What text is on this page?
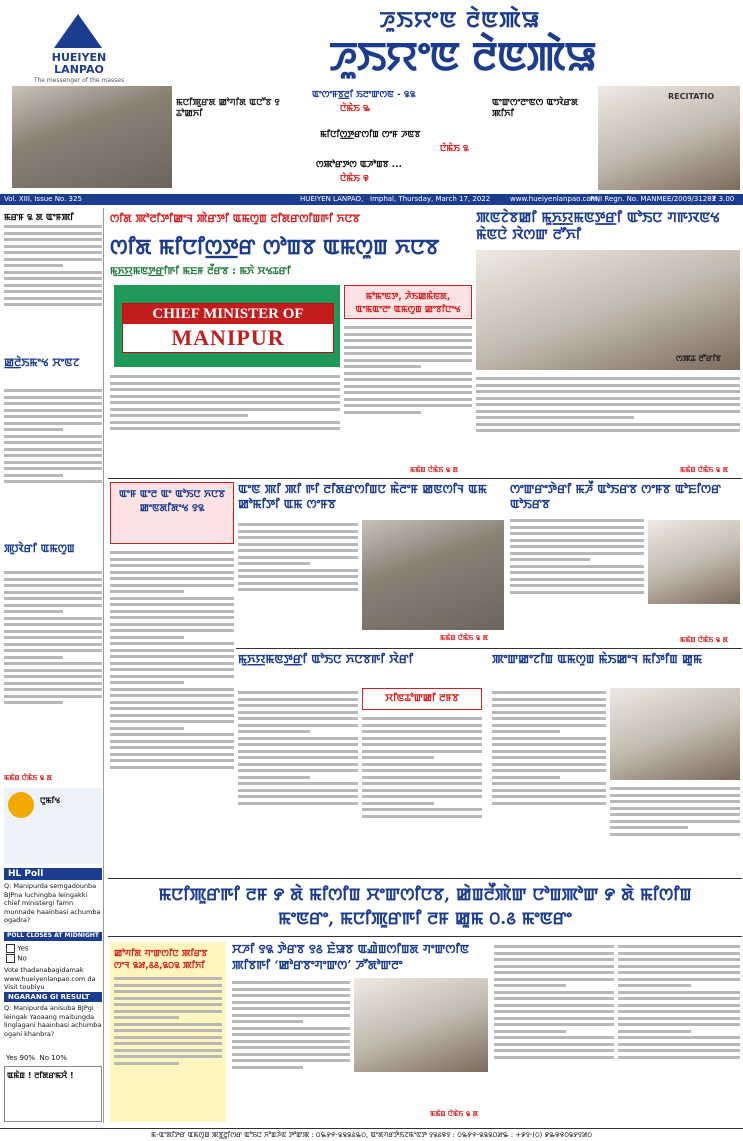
HUEIYEN
LANPAO
The messenger of the masses
ꯍꯨꯏꯌꯦꯟ ꯂꯥꯟꯄꯥꯎ
ꯍꯨꯏꯌꯦꯟ ꯂꯥꯟꯄꯥꯎ
ꯃꯅꯤꯄꯨꯔꯗ ꯀꯣꯚꯤꯗ ꯑꯅꯧꯕ ꯱ ꯊꯣꯀꯈꯤ
ꯑꯦꯁꯦꯝꯕ꯭ꯂꯤ ꯏꯂꯦꯛꯁꯟ - ꯲꯲
ꯅꯥꯃꯥꯏ ꯳
ꯃꯤꯅꯤꯁ꯭ꯇꯔꯁꯤꯡ ꯁꯦꯝ ꯍꯟꯕ
ꯅꯥꯃꯥꯏ ꯲
ꯁꯄꯣꯔꯇꯁ ꯑꯍꯣꯡꯕ ...
ꯅꯥꯃꯥꯏ ꯶
ꯑꯦꯛꯁꯦꯂꯦꯟꯁ ꯑꯦꯋꯥꯔꯗ ꯄꯤꯈꯤ
RECITATIO
Vol. XIII, Issue No. 325	HUEIYEN LANPAO, Imphal, Thursday, March 17, 2022	www.hueiyenlanpao.com,
RNI Regn. No. MANMEE/2009/31282
₹ 3.00
ꯃꯔꯝ ꯲ ꯗ ꯑꯦꯝꯄꯤ
ꯀ꯭ꯂꯥꯏꯃꯦꯠ ꯆꯦꯟꯖ
ꯄꯨꯋꯥꯔꯤ ꯑꯃꯁꯨꯡ
ꯃꯃꯥꯡ ꯅꯥꯃꯥꯏ ꯲ ꯗ
ꯅꯨꯃꯤꯠ
HL Poll
Q: Manipurda semgadounba BJPna luchingba leingakki chief ministergi famn munnade haainbasi achumba ogadra?
POLL CLOSES AT MIDNIGHT
Yes
No
Vote thadanabagidamak www.hueiyenlanpao.com da Visit toubiyu
NGARANG GI RESULT
Q: Manipurda anisuba BJPgi leingak Yaoaang maitungda linglagani haainbasi achumba ogani khanbra?
Yes 90% No 10%
ꯑꯃꯥꯡ ! ꯂꯤꯗꯔꯃꯆꯥ !
ꯁꯤꯗ ꯄꯣꯂꯤꯇꯤꯀꯦꯜ ꯄꯥꯔꯇꯤ ꯑꯃꯁꯨꯡ ꯂꯤꯗꯔꯁꯤꯡꯒꯤ ꯈꯅꯕ
ꯁꯤꯗ ꯃꯤꯅꯤꯁ꯭ꯇꯔ ꯁꯣꯡꯕ ꯑꯃꯁꯨꯡ ꯈꯅꯕ
ꯃꯨꯈ꯭ꯌꯃꯟꯇ꯭ꯔꯤꯒꯤ ꯃꯐꯝ ꯂꯩꯔꯕ : ꯃꯈꯥ ꯆꯠꯊꯔꯤ
CHIEF MINISTER OF
MANIPUR
ꯃꯣꯃꯦꯟꯇ, ꯍꯥꯏꯀꯃꯥꯟꯗ, ꯑꯦꯃꯑꯦꯂꯦ ꯑꯃꯁꯨꯡ ꯀꯦꯕꯤꯅꯦꯠ
ꯃꯃꯥꯡ ꯅꯥꯃꯥꯏ ꯲ ꯗ
ꯄꯟꯖꯥꯕꯀꯤ ꯃꯨꯈ꯭ꯌꯃꯟꯇ꯭ꯔꯤ ꯑꯣꯏꯅ ꯚꯒꯋꯟꯠ ꯃꯥꯟꯅꯥ ꯋꯥꯁꯛ ꯂꯧꯈꯤ
ꯁꯄꯊ ꯂꯧꯔꯤꯕ
ꯃꯃꯥꯡ ꯅꯥꯃꯥꯏ ꯲ ꯗ
ꯑꯦꯝ ꯑꯦꯂ ꯑꯦ ꯑꯣꯏꯅ ꯈꯅꯕ ꯀꯦꯟꯗꯤꯗꯦꯠ ꯱꯲
ꯑꯦꯟ ꯄꯤ ꯄꯤ ꯒꯤ ꯂꯤꯗꯔꯁꯤꯡꯅ ꯃꯥꯂꯦꯝ ꯀꯟꯁꯤꯜ ꯑꯃ ꯀꯣꯃꯤꯇꯤ ꯑꯃ ꯁꯦꯝꯕ
ꯃꯃꯥꯡ ꯅꯥꯃꯥꯏ ꯲ ꯗ
ꯁꯦꯛꯔꯦꯇꯥꯔꯤ ꯃꯍꯩ ꯑꯣꯏꯔꯕ ꯁꯦꯝꯕ ꯑꯣꯐꯤꯁꯔ ꯑꯣꯏꯔꯕ
ꯃꯃꯥꯡ ꯅꯥꯃꯥꯏ ꯲ ꯗ
ꯃꯨꯈ꯭ꯌꯃꯟꯇ꯭ꯔꯤ ꯑꯣꯏꯅ ꯈꯅꯕꯒꯤ ꯋꯥꯔꯤ
ꯆꯤꯟꯊꯣꯛꯀꯤ ꯂꯝꯕ
ꯄꯦꯛꯀꯦꯖꯤꯡ ꯑꯃꯁꯨꯡ ꯃꯥꯏꯀꯦꯜ ꯃꯤꯇꯤꯡ ꯀꯨꯃ
ꯃꯅꯤꯄꯨꯔꯒꯤ ꯂꯝ ꯸ ꯗꯥ ꯃꯤꯁꯤꯡ ꯆꯦꯛꯁꯤꯅꯕ, ꯀꯥꯡꯂꯩꯄꯥꯛ ꯅꯣꯡꯄꯣꯛ ꯸ ꯗꯥ ꯃꯤꯁꯤꯡ
ꯃꯦꯟꯔꯦ, ꯃꯅꯤꯄꯨꯔꯒꯤ ꯂꯝ ꯀꯨꯃ ꯰.꯴ ꯃꯦꯟꯔꯦ
ꯀꯣꯚꯤꯗ ꯚꯦꯛꯁꯤꯅ ꯄꯤꯔꯕ
ꯁꯦꯜ ꯲꯷,꯴꯴,꯲꯰꯲ ꯄꯤꯈꯤ
ꯆꯍꯤ ꯱꯲ ꯇꯥꯔꯕ ꯱꯴ ꯐꯥꯎꯕ ꯑꯉꯥꯡꯁꯤꯡꯗ ꯚꯦꯛꯁꯤꯟ
ꯄꯤꯕꯒꯤ ‘ꯀꯣꯔꯕꯦꯚꯦꯛꯁ’ ꯍꯧꯗꯣꯛꯂꯦ
ꯃꯃꯥꯡ ꯅꯥꯃꯥꯏ ꯲ ꯗ
ꯃ-ꯑꯦꯗꯤꯇꯔ ꯑꯃꯁꯨꯡ ꯄꯕ꯭ꯂꯤꯁꯔ ꯑꯣꯏꯅ ꯈꯣꯡꯍꯥꯟ ꯇꯣꯛꯄ : ꯰꯳꯸꯵-꯲꯲꯲꯴꯳꯰, ꯑꯦꯗꯚꯔꯇꯥꯏꯖꯃꯦꯟꯇ ꯱꯲꯴꯶꯱ : ꯰꯳꯸꯵-꯲꯲꯲꯰꯷꯳ : +꯹꯱-(꯰) ꯹꯳꯶꯶꯰꯲꯸꯱꯷꯰
